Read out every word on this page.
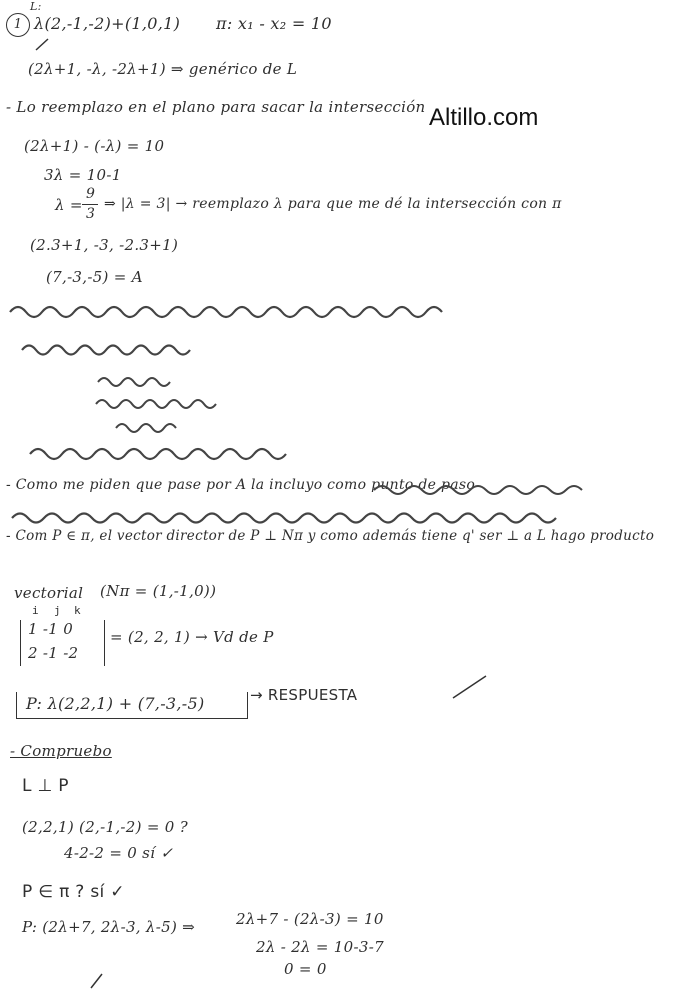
L:
1 λ(2,-1,-2)+(1,0,1) π: x₁ - x₂ = 10
(2λ+1, -λ, -2λ+1) ⇒ genérico de L
- Lo reemplazo en el plano para sacar la intersección Altillo.com
(2λ+1) - (-λ) = 10
3λ = 10-1
λ =
9
3
⇒ |λ = 3| → reemplazo λ para que me dé la intersección con π
(2.3+1, -3, -2.3+1)
(7,-3,-5) = A
- Como me piden que pase por A la incluyo como punto de paso
- Com P ∈ π, el vector director de P ⊥ Nπ y como además tiene q' ser ⊥ a L hago producto
vectorial (Nπ = (1,-1,0))
i j k
1 -1 0
2 -1 -2
= (2, 2, 1) → Vd de P
P: λ(2,2,1) + (7,-3,-5)	→ RESPUESTA
- Compruebo
L ⊥ P
(2,2,1) (2,-1,-2) = 0 ?
4-2-2 = 0 sí ✓
P ∈ π ? sí ✓
P: (2λ+7, 2λ-3, λ-5) ⇒	2λ+7 - (2λ-3) = 10
2λ - 2λ = 10-3-7
0 = 0
